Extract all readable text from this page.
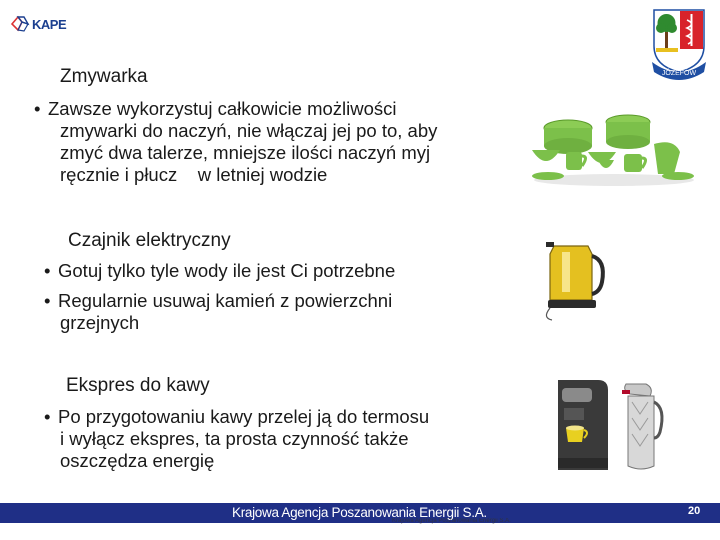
KAPE
JÓZEFÓW
Zmywarka
• Zawsze wykorzystuj całkowicie możliwości
zmywarki do naczyń, nie włączaj jej po to, aby
zmyć dwa talerze, mniejsze ilości naczyń myj
ręcznie i płucz    w letniej wodzie
Czajnik elektryczny
• Gotuj tylko tyle wody ile jest Ci potrzebne
• Regularnie usuwaj kamień z powierzchni
grzejnych
Ekspres do kawy
• Po przygotowaniu kawy przelej ją do termosu
i wyłącz ekspres, ta prosta czynność także
oszczędza energię
Krajowa Agencja Poszanowania Energii S.A.
Krajowa Agencja Poszanowania Energii S.A.
20
